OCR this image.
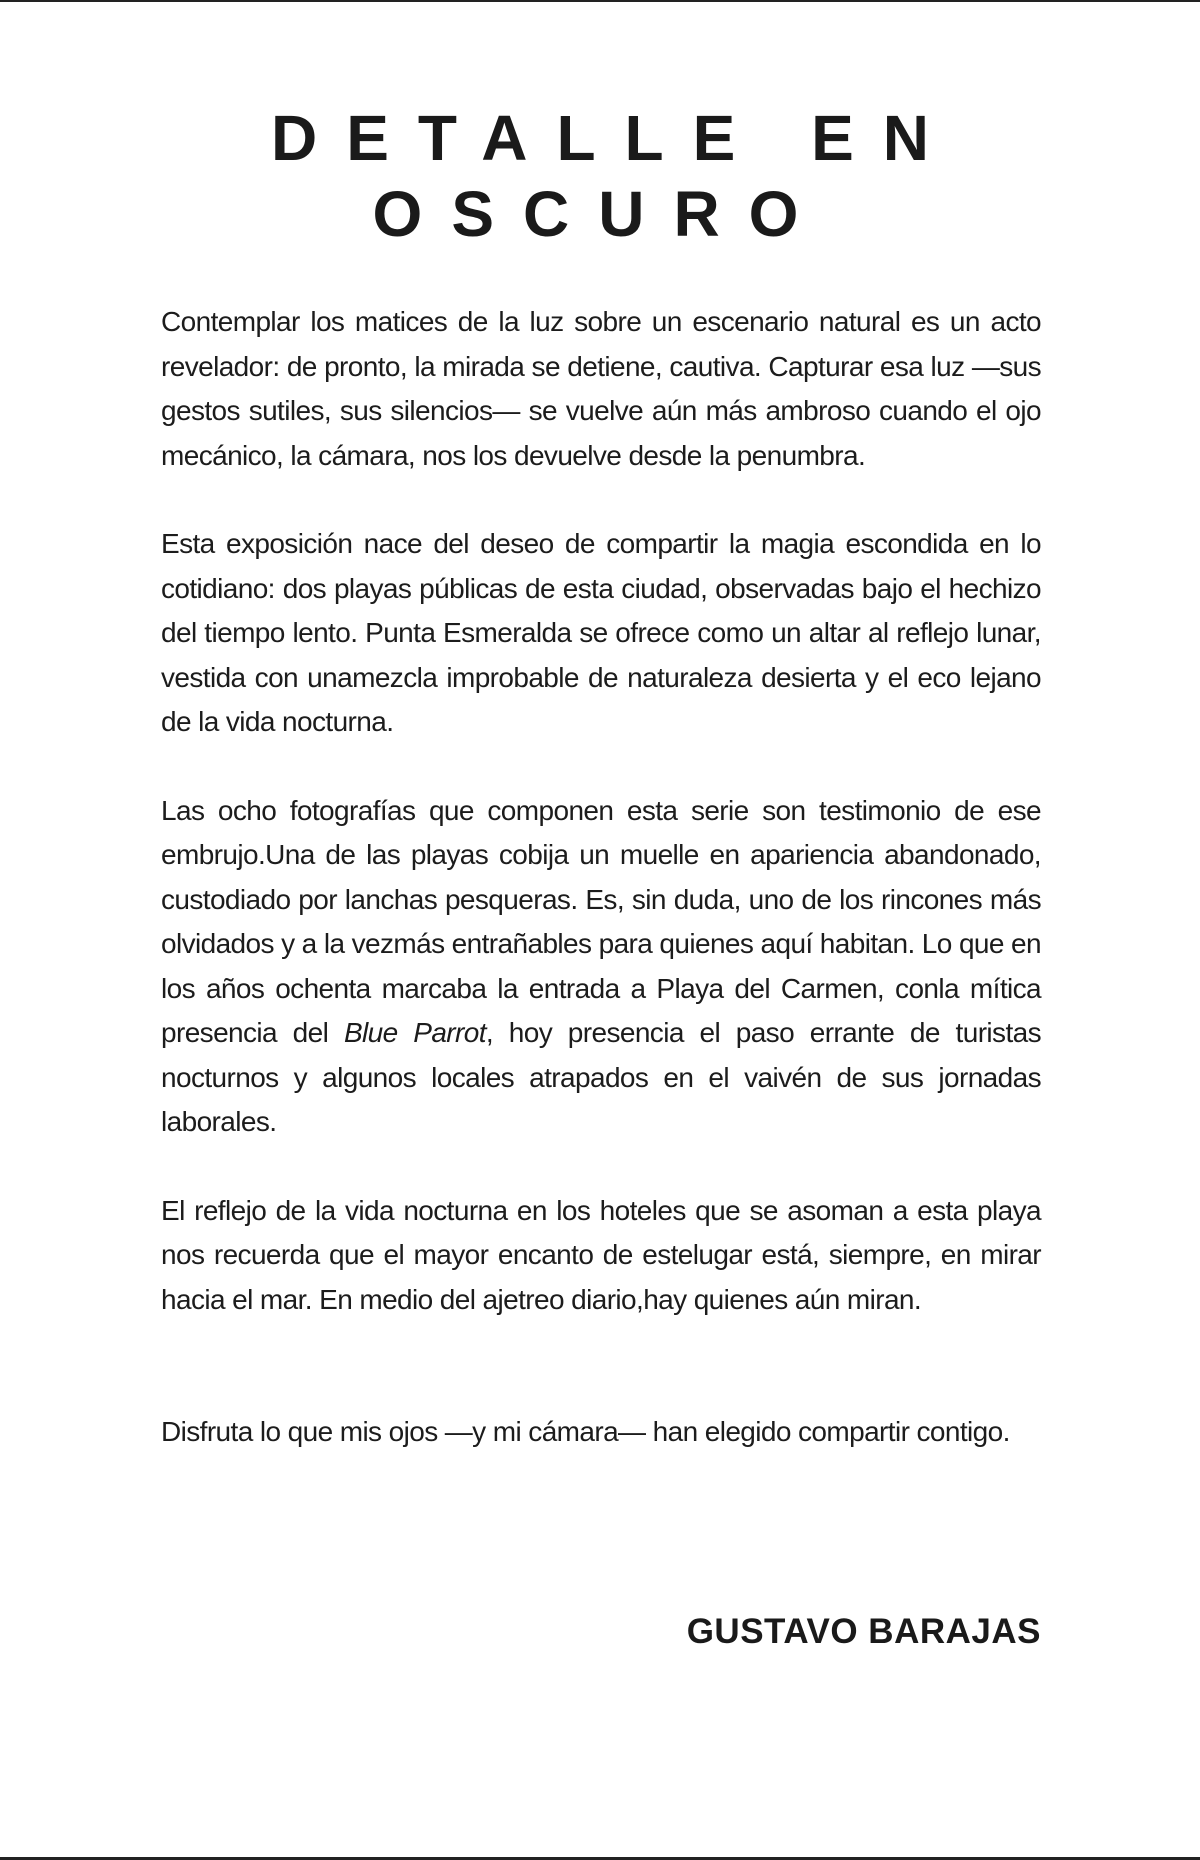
DETALLE EN OSCURO

Contemplar los matices de la luz sobre un escenario natural es un acto revelador: de pronto, la mirada se detiene, cautiva. Capturar esa luz —sus gestos sutiles, sus silencios— se vuelve aún más ambroso cuando el ojo mecánico, la cámara, nos los devuelve desde la penumbra.

Esta exposición nace del deseo de compartir la magia escondida en lo cotidiano: dos playas públicas de esta ciudad, observadas bajo el hechizo del tiempo lento. Punta Esmeralda se ofrece como un altar al reflejo lunar, vestida con unamezcla improbable de naturaleza desierta y el eco lejano de la vida nocturna.

Las ocho fotografías que componen esta serie son testimonio de ese embrujo.Una de las playas cobija un muelle en apariencia abandonado, custodiado por lanchas pesqueras. Es, sin duda, uno de los rincones más olvidados y a la vezmás entrañables para quienes aquí habitan. Lo que en los años ochenta marcaba la entrada a Playa del Carmen, conla mítica presencia del Blue Parrot, hoy presencia el paso errante de turistas nocturnos y algunos locales atrapados en el vaivén de sus jornadas laborales.

El reflejo de la vida nocturna en los hoteles que se asoman a esta playa nos recuerda que el mayor encanto de estelugar está, siempre, en mirar hacia el mar. En medio del ajetreo diario,hay quienes aún miran.

Disfruta lo que mis ojos —y mi cámara— han elegido compartir contigo.

GUSTAVO BARAJAS
